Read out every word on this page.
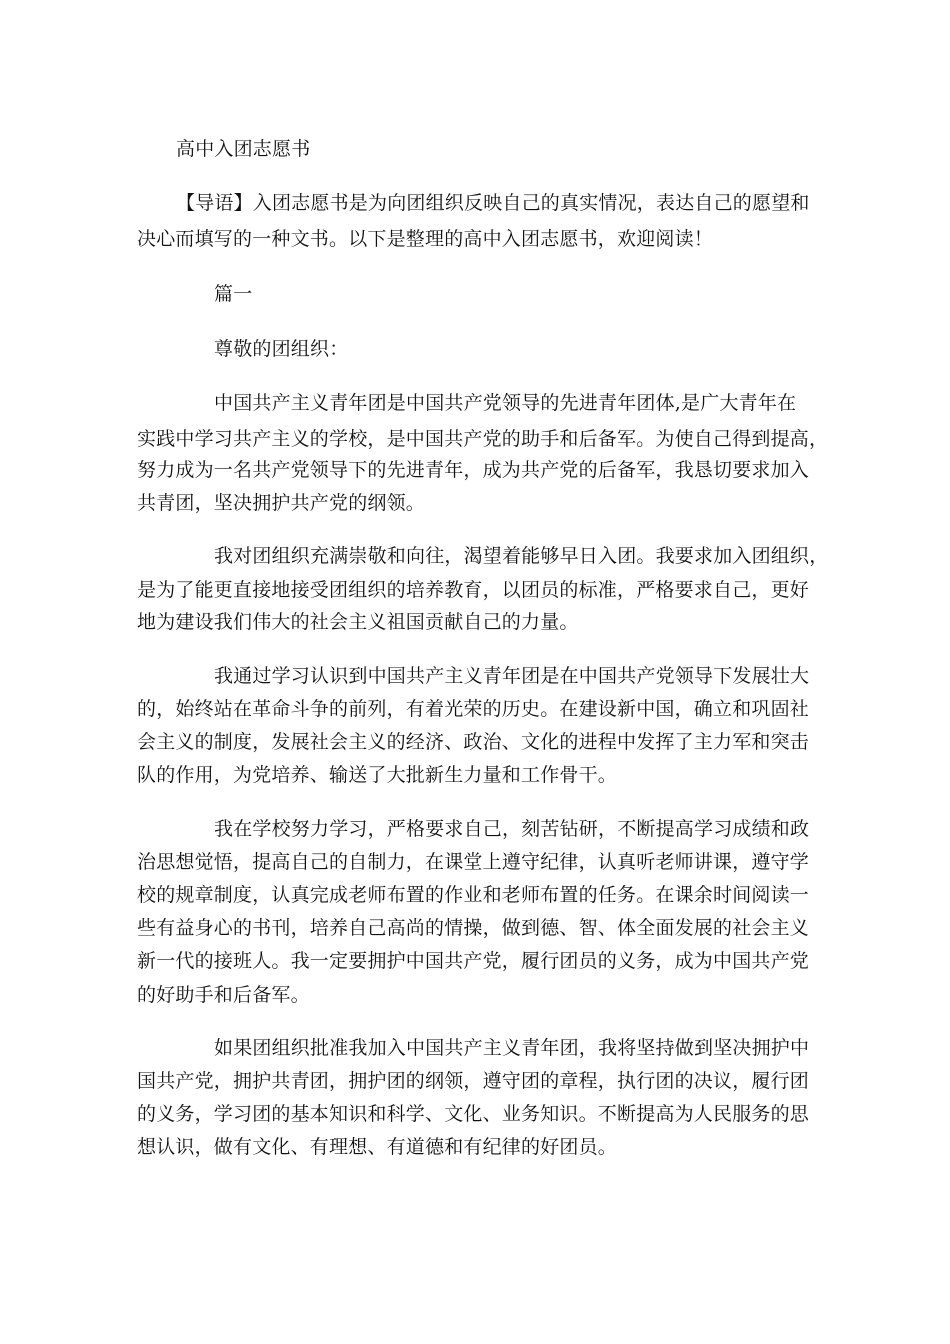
高中入团志愿书
【导语】入团志愿书是为向团组织反映自己的真实情况，表达自己的愿望和
决心而填写的一种文书。以下是整理的高中入团志愿书，欢迎阅读！
篇一
尊敬的团组织：
中国共产主义青年团是中国共产党领导的先进青年团体,是广大青年在
实践中学习共产主义的学校，是中国共产党的助手和后备军。为使自己得到提高，
努力成为一名共产党领导下的先进青年，成为共产党的后备军，我恳切要求加入
共青团，坚决拥护共产党的纲领。
我对团组织充满崇敬和向往，渴望着能够早日入团。我要求加入团组织，
是为了能更直接地接受团组织的培养教育，以团员的标准，严格要求自己，更好
地为建设我们伟大的社会主义祖国贡献自己的力量。
我通过学习认识到中国共产主义青年团是在中国共产党领导下发展壮大
的，始终站在革命斗争的前列，有着光荣的历史。在建设新中国，确立和巩固社
会主义的制度，发展社会主义的经济、政治、文化的进程中发挥了主力军和突击
队的作用，为党培养、输送了大批新生力量和工作骨干。
我在学校努力学习，严格要求自己，刻苦钻研，不断提高学习成绩和政
治思想觉悟，提高自己的自制力，在课堂上遵守纪律，认真听老师讲课，遵守学
校的规章制度，认真完成老师布置的作业和老师布置的任务。在课余时间阅读一
些有益身心的书刊，培养自己高尚的情操，做到德、智、体全面发展的社会主义
新一代的接班人。我一定要拥护中国共产党，履行团员的义务，成为中国共产党
的好助手和后备军。
如果团组织批准我加入中国共产主义青年团，我将坚持做到坚决拥护中
国共产党，拥护共青团，拥护团的纲领，遵守团的章程，执行团的决议，履行团
的义务，学习团的基本知识和科学、文化、业务知识。不断提高为人民服务的思
想认识，做有文化、有理想、有道德和有纪律的好团员。
